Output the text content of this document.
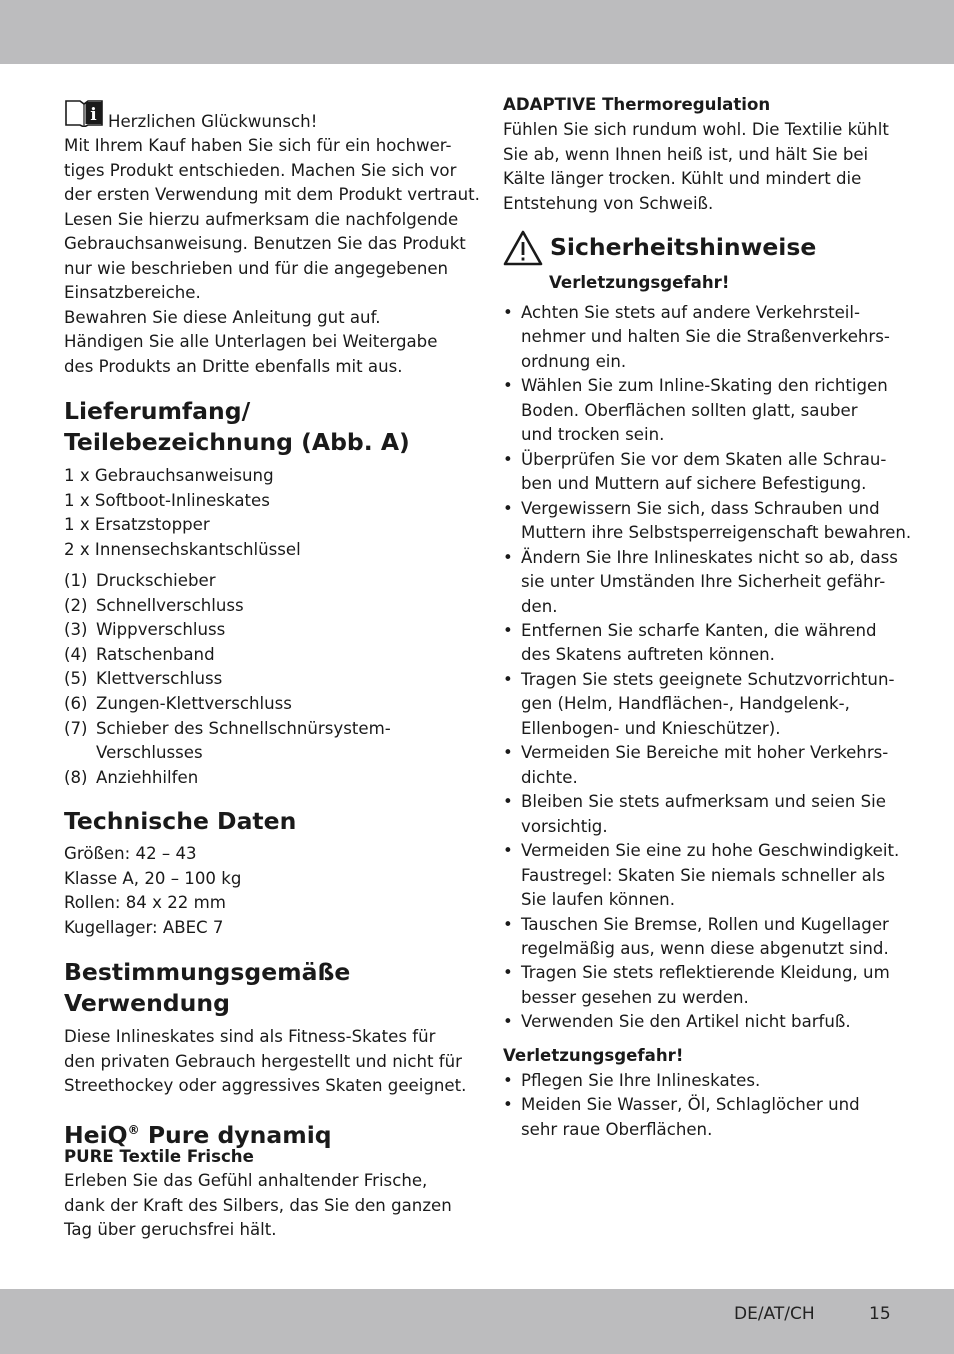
i Herzlichen Glückwunsch!
Mit Ihrem Kauf haben Sie sich für ein hochwer-
tiges Produkt entschieden. Machen Sie sich vor
der ersten Verwendung mit dem Produkt vertraut.
Lesen Sie hierzu aufmerksam die nachfolgende
Gebrauchsanweisung. Benutzen Sie das Produkt
nur wie beschrieben und für die angegebenen
Einsatzbereiche.
Bewahren Sie diese Anleitung gut auf.
Händigen Sie alle Unterlagen bei Weitergabe
des Produkts an Dritte ebenfalls mit aus.
Lieferumfang/
Teilebezeichnung (Abb. A)
1 x Gebrauchsanweisung
1 x Softboot-Inlineskates
1 x Ersatzstopper
2 x Innensechskantschlüssel
(1) Druckschieber
(2) Schnellverschluss
(3) Wippverschluss
(4) Ratschenband
(5) Klettverschluss
(6) Zungen-Klettverschluss
(7) Schieber des Schnellschnürsystem-
Verschlusses
(8) Anziehhilfen
Technische Daten
Größen: 42 – 43
Klasse A, 20 – 100 kg
Rollen: 84 x 22 mm
Kugellager: ABEC 7
Bestimmungsgemäße
Verwendung
Diese Inlineskates sind als Fitness-Skates für
den privaten Gebrauch hergestellt und nicht für
Streethockey oder aggressives Skaten geeignet.
HeiQ® Pure dynamiq
PURE Textile Frische
Erleben Sie das Gefühl anhaltender Frische,
dank der Kraft des Silbers, das Sie den ganzen
Tag über geruchsfrei hält.
ADAPTIVE Thermoregulation
Fühlen Sie sich rundum wohl. Die Textilie kühlt
Sie ab, wenn Ihnen heiß ist, und hält Sie bei
Kälte länger trocken. Kühlt und mindert die
Entstehung von Schweiß.
Sicherheitshinweise
Verletzungsgefahr!
• Achten Sie stets auf andere Verkehrsteil-
nehmer und halten Sie die Straßenverkehrs-
ordnung ein.
• Wählen Sie zum Inline-Skating den richtigen
Boden. Oberflächen sollten glatt, sauber
und trocken sein.
• Überprüfen Sie vor dem Skaten alle Schrau-
ben und Muttern auf sichere Befestigung.
• Vergewissern Sie sich, dass Schrauben und
Muttern ihre Selbstsperreigenschaft bewahren.
• Ändern Sie Ihre Inlineskates nicht so ab, dass
sie unter Umständen Ihre Sicherheit gefähr-
den.
• Entfernen Sie scharfe Kanten, die während
des Skatens auftreten können.
• Tragen Sie stets geeignete Schutzvorrichtun-
gen (Helm, Handflächen-, Handgelenk-,
Ellenbogen- und Knieschützer).
• Vermeiden Sie Bereiche mit hoher Verkehrs-
dichte.
• Bleiben Sie stets aufmerksam und seien Sie
vorsichtig.
• Vermeiden Sie eine zu hohe Geschwindigkeit.
Faustregel: Skaten Sie niemals schneller als
Sie laufen können.
• Tauschen Sie Bremse, Rollen und Kugellager
regelmäßig aus, wenn diese abgenutzt sind.
• Tragen Sie stets reflektierende Kleidung, um
besser gesehen zu werden.
• Verwenden Sie den Artikel nicht barfuß.
Verletzungsgefahr!
• Pflegen Sie Ihre Inlineskates.
• Meiden Sie Wasser, Öl, Schlaglöcher und
sehr raue Oberflächen.
DE/AT/CH	15
